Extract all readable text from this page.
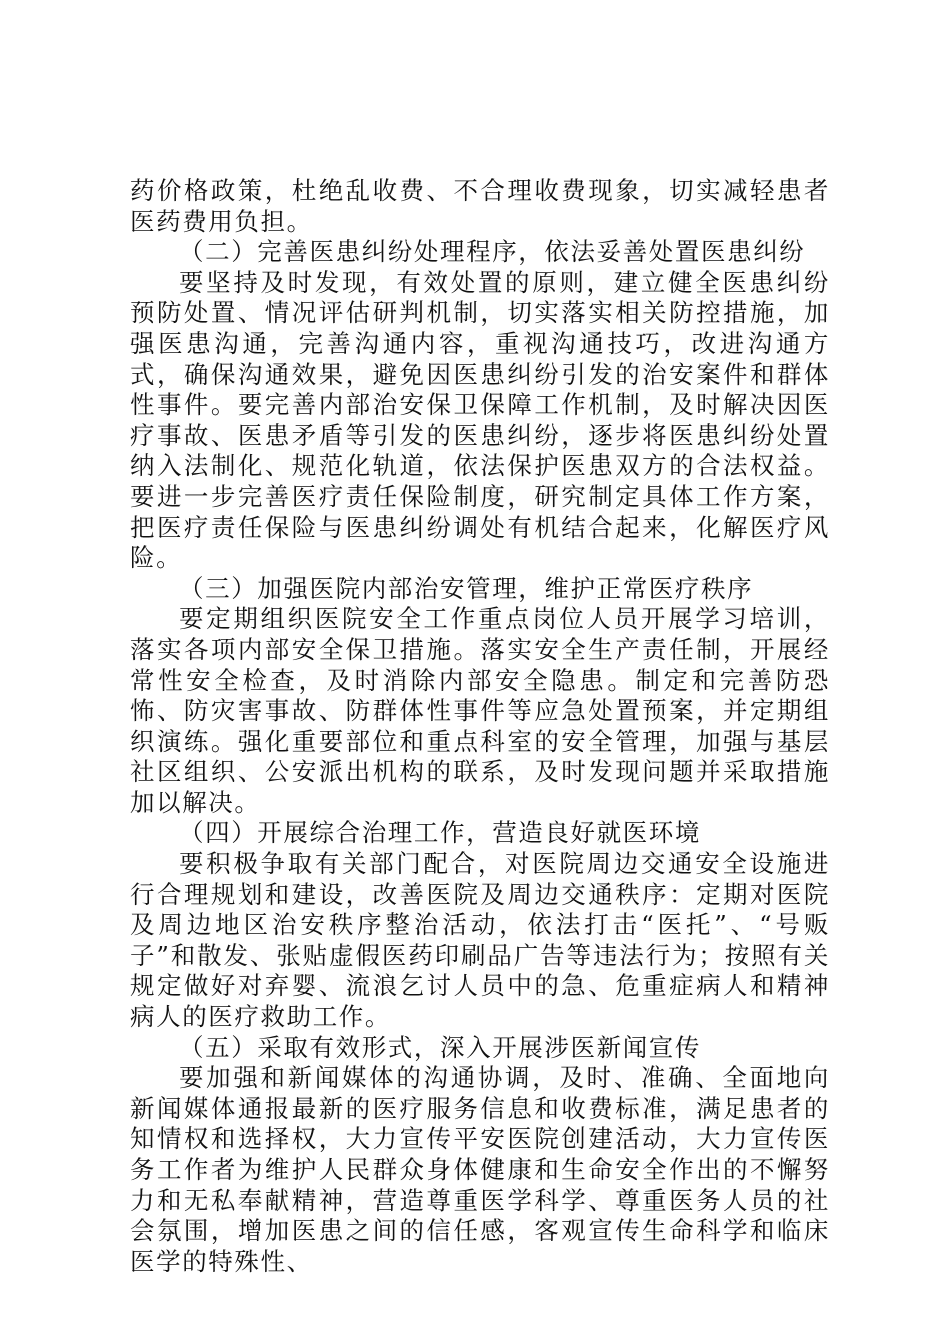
药价格政策，杜绝乱收费、不合理收费现象，切实减轻患者医药费用负担。

（二）完善医患纠纷处理程序，依法妥善处置医患纠纷

要坚持及时发现，有效处置的原则，建立健全医患纠纷预防处置、情况评估研判机制，切实落实相关防控措施，加强医患沟通，完善沟通内容，重视沟通技巧，改进沟通方式，确保沟通效果，避免因医患纠纷引发的治安案件和群体性事件。要完善内部治安保卫保障工作机制，及时解决因医疗事故、医患矛盾等引发的医患纠纷，逐步将医患纠纷处置纳入法制化、规范化轨道，依法保护医患双方的合法权益。要进一步完善医疗责任保险制度，研究制定具体工作方案，把医疗责任保险与医患纠纷调处有机结合起来，化解医疗风险。

（三）加强医院内部治安管理，维护正常医疗秩序

要定期组织医院安全工作重点岗位人员开展学习培训，落实各项内部安全保卫措施。落实安全生产责任制，开展经常性安全检查，及时消除内部安全隐患。制定和完善防恐怖、防灾害事故、防群体性事件等应急处置预案，并定期组织演练。强化重要部位和重点科室的安全管理，加强与基层社区组织、公安派出机构的联系，及时发现问题并采取措施加以解决。

（四）开展综合治理工作，营造良好就医环境

要积极争取有关部门配合，对医院周边交通安全设施进行合理规划和建设，改善医院及周边交通秩序：定期对医院及周边地区治安秩序整治活动，依法打击“医托”、“号贩子”和散发、张贴虚假医药印刷品广告等违法行为；按照有关规定做好对弃婴、流浪乞讨人员中的急、危重症病人和精神病人的医疗救助工作。

（五）采取有效形式，深入开展涉医新闻宣传

要加强和新闻媒体的沟通协调，及时、准确、全面地向新闻媒体通报最新的医疗服务信息和收费标准，满足患者的知情权和选择权，大力宣传平安医院创建活动，大力宣传医务工作者为维护人民群众身体健康和生命安全作出的不懈努力和无私奉献精神，营造尊重医学科学、尊重医务人员的社会氛围，增加医患之间的信任感，客观宣传生命科学和临床医学的特殊性、
